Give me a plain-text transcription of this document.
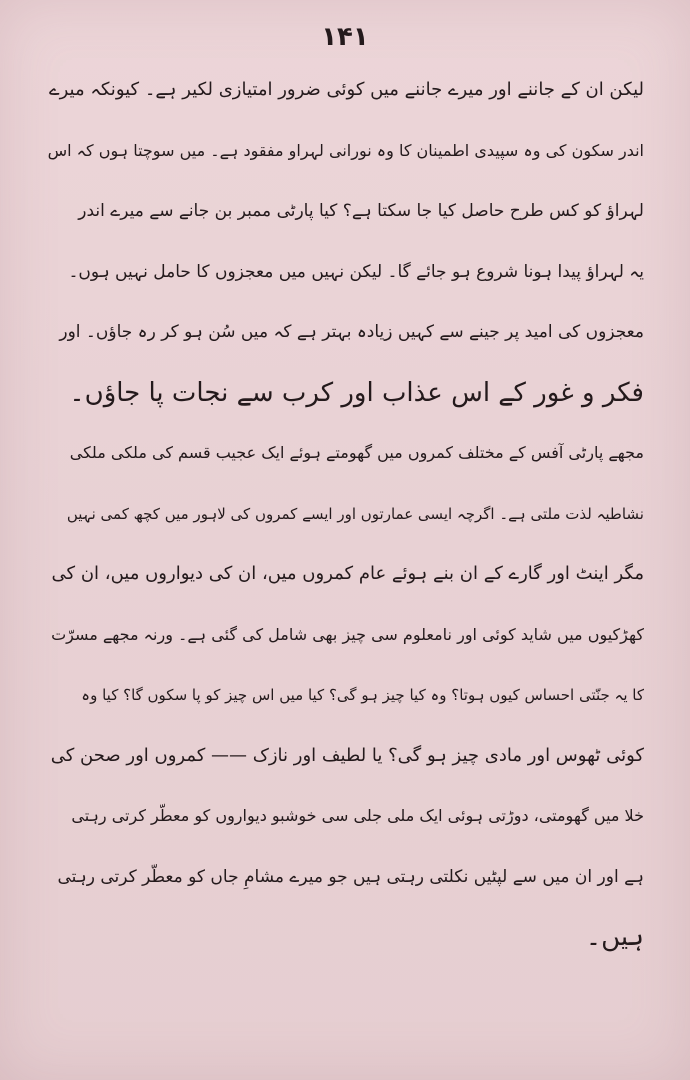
۱۴۱
لیکن ان کے جاننے اور میرے جاننے میں کوئی ضرور امتیازی لکیر ہے۔ کیونکہ میرے
اندر سکون کی وہ سپیدی اطمینان کا وہ نورانی لہراو مفقود ہے۔ میں سوچتا ہوں کہ اس
لہراؤ کو کس طرح حاصل کیا جا سکتا ہے؟ کیا پارٹی ممبر بن جانے سے میرے اندر
یہ لہراؤ پیدا ہونا شروع ہو جائے گا۔ لیکن نہیں میں معجزوں کا حامل نہیں ہوں۔
معجزوں کی امید پر جینے سے کہیں زیادہ بہتر ہے کہ میں سُن ہو کر رہ جاؤں۔ اور
فکر و غور کے اس عذاب اور کرب سے نجات پا جاؤں۔
مجھے پارٹی آفس کے مختلف کمروں میں گھومتے ہوئے ایک عجیب قسم کی ملکی ملکی
نشاطیہ لذت ملتی ہے۔ اگرچہ ایسی عمارتوں اور ایسے کمروں کی لاہور میں کچھ کمی نہیں
مگر اینٹ اور گارے کے ان بنے ہوئے عام کمروں میں، ان کی دیواروں میں، ان کی
کھڑکیوں میں شاید کوئی اور نامعلوم سی چیز بھی شامل کی گئی ہے۔ ورنہ مجھے مسرّت
کا یہ جنّتی احساس کیوں ہوتا؟ وہ کیا چیز ہو گی؟ کیا میں اس چیز کو پا سکوں گا؟ کیا وہ
کوئی ٹھوس اور مادی چیز ہو گی؟ یا لطیف اور نازک —— کمروں اور صحن کی
خلا میں گھومتی، دوڑتی ہوئی ایک ملی جلی سی خوشبو دیواروں کو معطّر کرتی رہتی
ہے اور ان میں سے لپٹیں نکلتی رہتی ہیں جو میرے مشامِ جاں کو معطّر کرتی رہتی
ہیں۔
